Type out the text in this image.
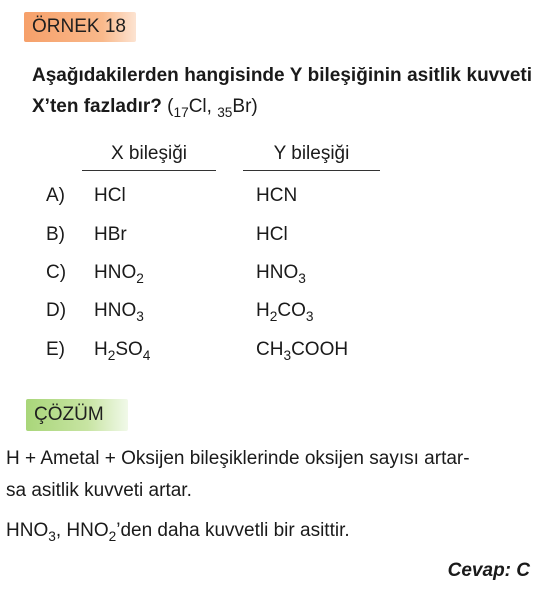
ÖRNEK 18
Aşağıdakilerden hangisinde Y bileşiğinin asitlik kuvveti X’ten fazladır? ($_{17}Cl$, $_{35}$Br)
X bileşiği	Y bileşiği
A) HCl	HCN
B) HBr	HCl
C) $HNO_2$	$HNO_3$
D) $HNO_3$	$H_2CO_3$
E) $H_2SO_4$	$CH_3COOH$
ÇÖZÜM
H + Ametal + Oksijen bileşiklerinde oksijen sayısı artar-
sa asitlik kuvveti artar.
$HNO_3$, $HNO_2’den$ daha kuvvetli bir asittir.
Cevap: C
